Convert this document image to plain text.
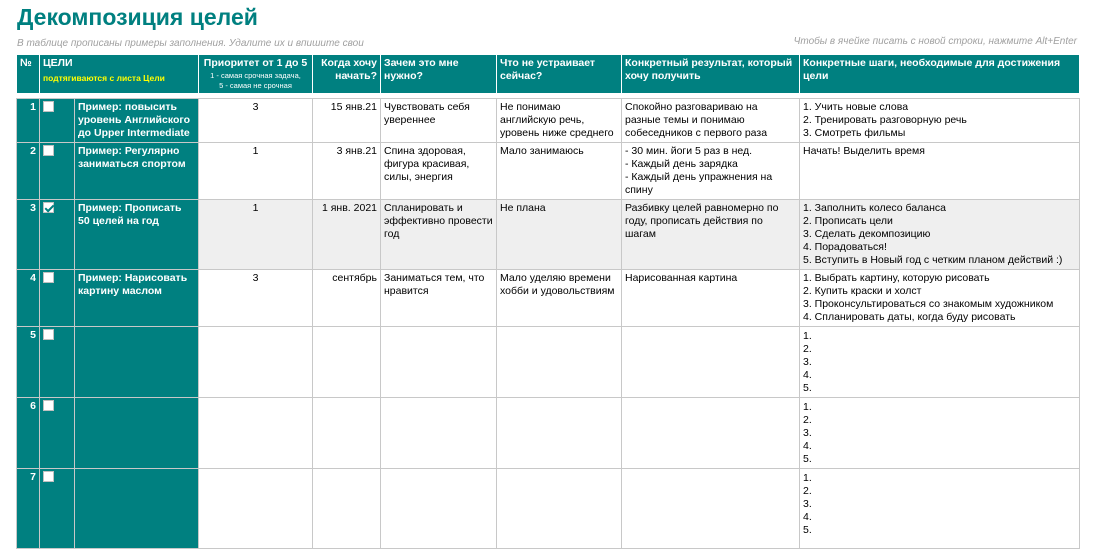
Декомпозиция целей
В таблице прописаны примеры заполнения. Удалите их и впишите свои	Чтобы в ячейке писать с новой строки, нажмите Alt+Enter
№	ЦЕЛИ
подтягиваются с листа Цели		Приоритет от 1 до 5
1 - самая срочная задача,
5 - самая не срочная	Когда хочу начать?	Зачем это мне нужно?	Что не устраивает сейчас?	Конкретный результат, который хочу получить	Конкретные шаги, необходимые для достижения цели

1		Пример: повысить уровень Английского до Upper Intermediate	3	15 янв.21	Чувствовать себя увереннее	Не понимаю английскую речь, уровень ниже среднего	Спокойно разговариваю на разные темы и понимаю собеседников с первого раза	1. Учить новые слова
2. Тренировать разговорную речь
3. Смотреть фильмы

2		Пример: Регулярно заниматься спортом	1	3 янв.21	Спина здоровая, фигура красивая, силы, энергия	Мало занимаюсь	- 30 мин. йоги 5 раз в нед.
- Каждый день зарядка
- Каждый день упражнения на спину	Начать! Выделить время

3		Пример: Прописать 50 целей на год	1	1 янв. 2021	Спланировать и эффективно провести год	Не плана	Разбивку целей равномерно по году, прописать действия по шагам	1. Заполнить колесо баланса
2. Прописать цели
3. Сделать декомпозицию
4. Порадоваться!
5. Вступить в Новый год с четким планом действий :)

4		Пример: Нарисовать картину маслом	3	сентябрь	Заниматься тем, что нравится	Мало уделяю времени хобби и удовольствиям	Нарисованная картина	1. Выбрать картину, которую рисовать
2. Купить краски и холст
3. Проконсультироваться со знакомым художником
4. Спланировать даты, когда буду рисовать

5								1.
2.
3.
4.
5.

6								1.
2.
3.
4.
5.

7								1.
2.
3.
4.
5.
